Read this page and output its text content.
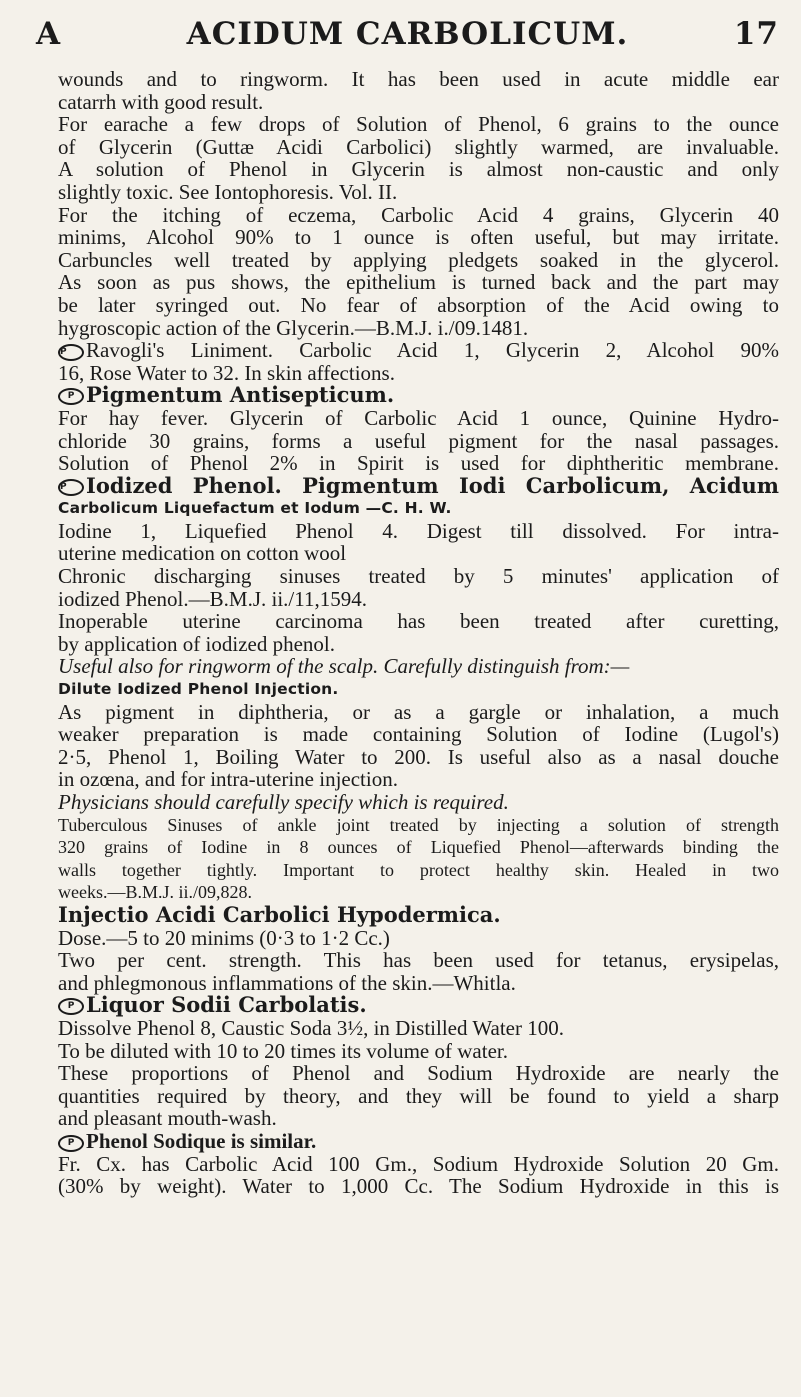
A	ACIDUM CARBOLICUM.	17
wounds and to ringworm. It has been used in acute middle ear
catarrh with good result.
For earache a few drops of Solution of Phenol, 6 grains to the ounce
of Glycerin (Guttæ Acidi Carbolici) slightly warmed, are invaluable.
A solution of Phenol in Glycerin is almost non-caustic and only
slightly toxic. See Iontophoresis. Vol. II.
For the itching of eczema, Carbolic Acid 4 grains, Glycerin 40
minims, Alcohol 90% to 1 ounce is often useful, but may irritate.
Carbuncles well treated by applying pledgets soaked in the glycerol.
As soon as pus shows, the epithelium is turned back and the part may
be later syringed out. No fear of absorption of the Acid owing to
hygroscopic action of the Glycerin.—B.M.J. i./09.1481.
P Ravogli's Liniment. Carbolic Acid 1, Glycerin 2, Alcohol 90%
16, Rose Water to 32. In skin affections.
P Pigmentum Antisepticum.
For hay fever. Glycerin of Carbolic Acid 1 ounce, Quinine Hydro-
chloride 30 grains, forms a useful pigment for the nasal passages.
Solution of Phenol 2% in Spirit is used for diphtheritic membrane.
P Iodized Phenol. Pigmentum Iodi Carbolicum, Acidum
Carbolicum Liquefactum et Iodum —C. H. W.
Iodine 1, Liquefied Phenol 4. Digest till dissolved. For intra-
uterine medication on cotton wool
Chronic discharging sinuses treated by 5 minutes' application of
iodized Phenol.—B.M.J. ii./11,1594.
Inoperable uterine carcinoma has been treated after curetting,
by application of iodized phenol.
Useful also for ringworm of the scalp. Carefully distinguish from:—
Dilute Iodized Phenol Injection.
As pigment in diphtheria, or as a gargle or inhalation, a much
weaker preparation is made containing Solution of Iodine (Lugol's)
2·5, Phenol 1, Boiling Water to 200. Is useful also as a nasal douche
in ozœna, and for intra-uterine injection.
Physicians should carefully specify which is required.
Tuberculous Sinuses of ankle joint treated by injecting a solution of strength
320 grains of Iodine in 8 ounces of Liquefied Phenol—afterwards binding the
walls together tightly. Important to protect healthy skin. Healed in two
weeks.—B.M.J. ii./09,828.
Injectio Acidi Carbolici Hypodermica.
Dose.—5 to 20 minims (0·3 to 1·2 Cc.)
Two per cent. strength. This has been used for tetanus, erysipelas,
and phlegmonous inflammations of the skin.—Whitla.
P Liquor Sodii Carbolatis.
Dissolve Phenol 8, Caustic Soda 3½, in Distilled Water 100.
To be diluted with 10 to 20 times its volume of water.
These proportions of Phenol and Sodium Hydroxide are nearly the
quantities required by theory, and they will be found to yield a sharp
and pleasant mouth-wash.
P Phenol Sodique is similar.
Fr. Cx. has Carbolic Acid 100 Gm., Sodium Hydroxide Solution 20 Gm.
(30% by weight). Water to 1,000 Cc. The Sodium Hydroxide in this is
